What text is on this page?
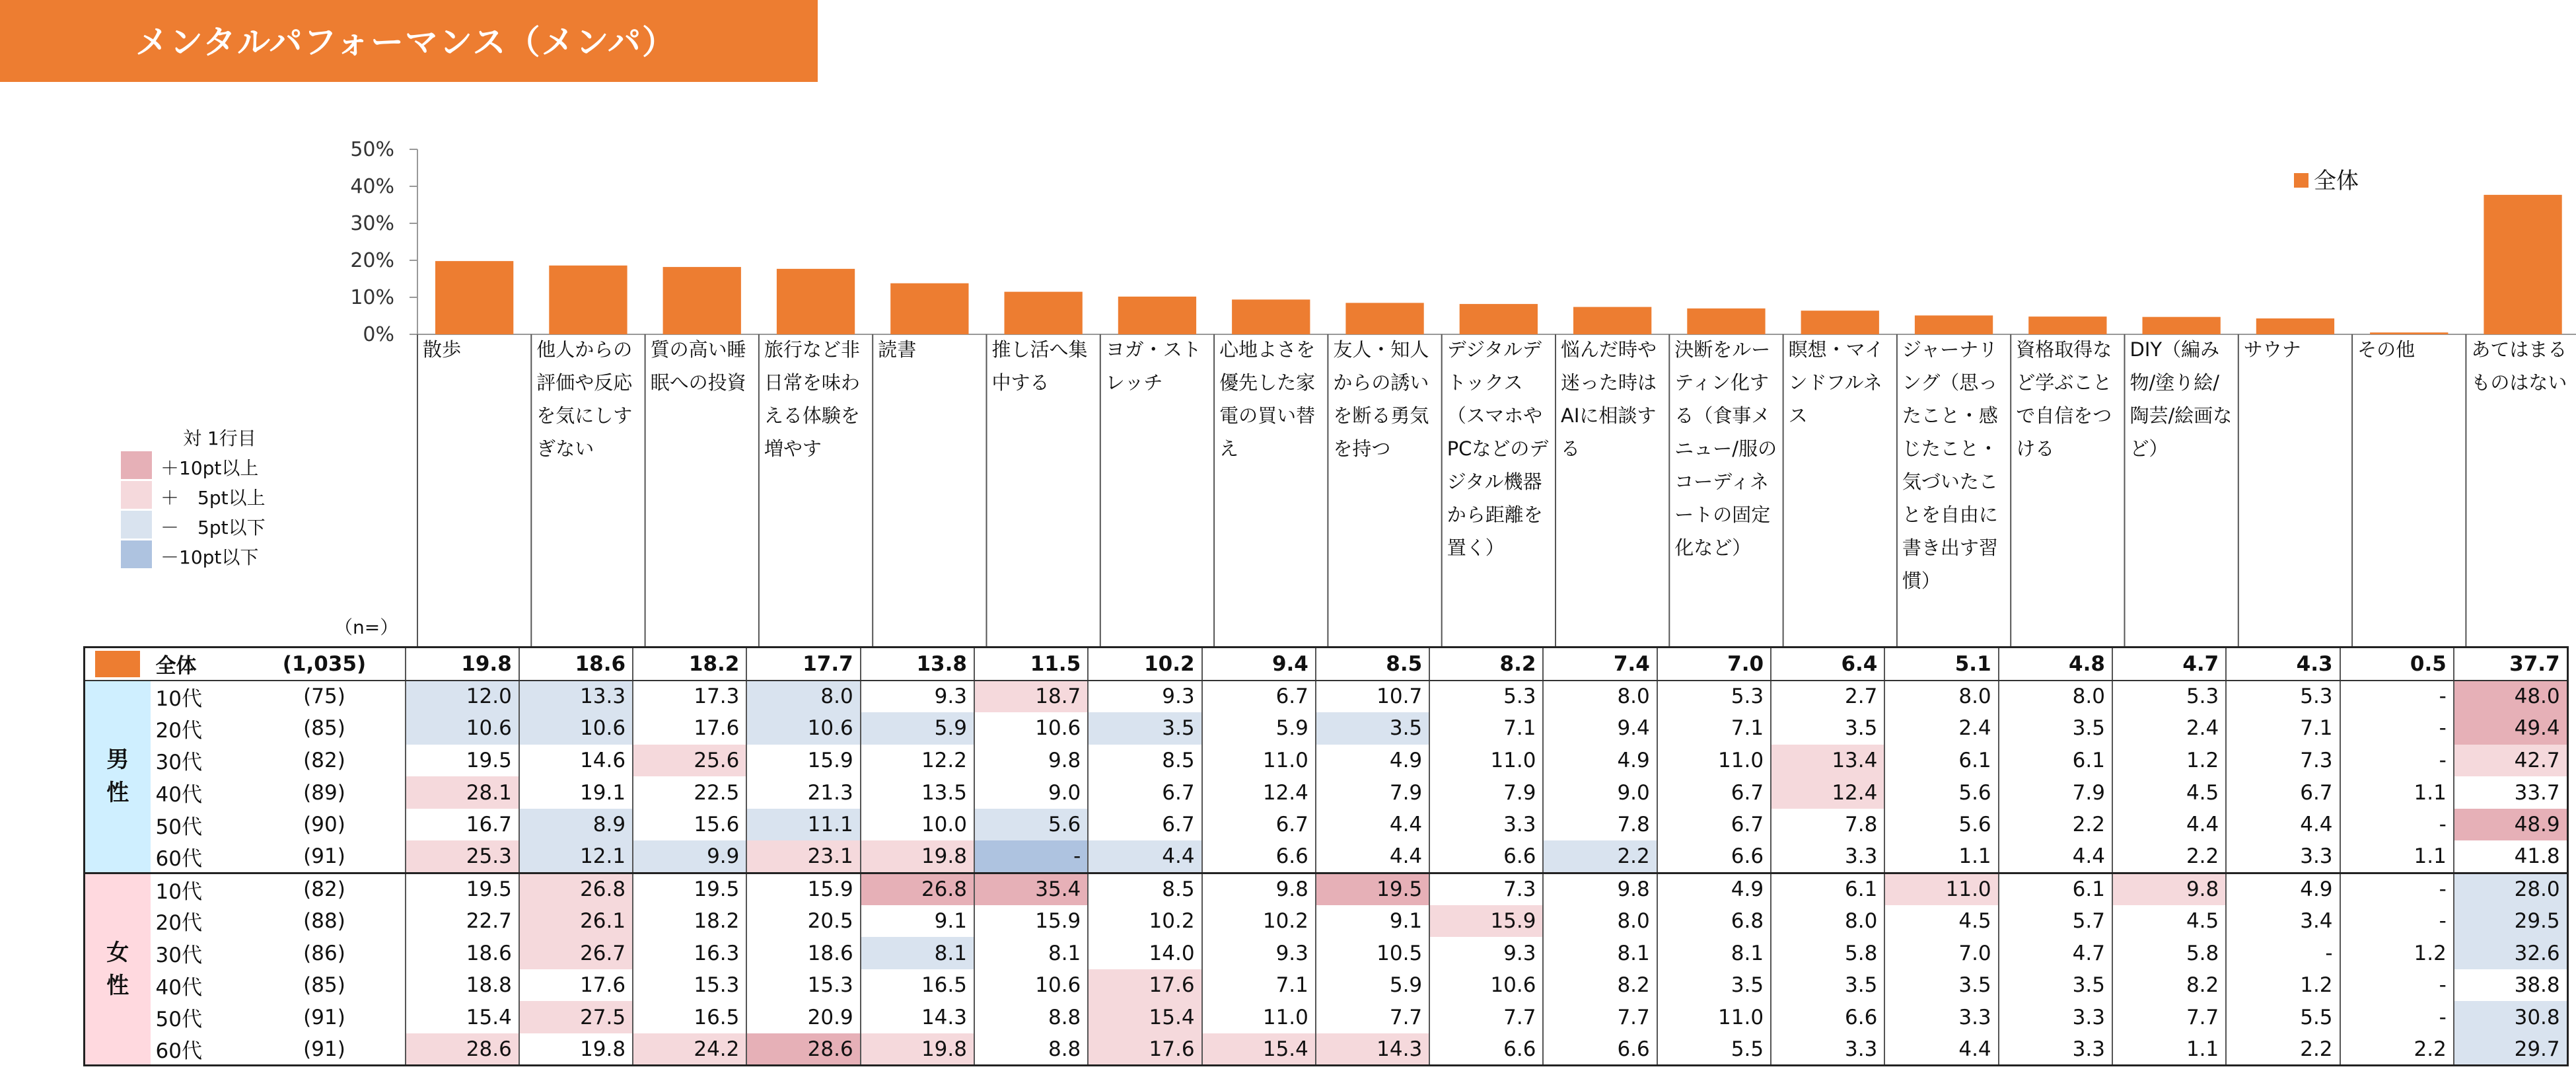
メンタルパフォーマンス（メンパ）
0%
10%
20%
30%
40%
50%
全体
対 1行目
＋10pt以上
＋　5pt以上
－　5pt以下
－10pt以下
（n=）
散歩	他人からの評価や反応を気にしすぎない
質の高い睡眠への投資
旅行など非日常を味わえる体験を増やす
読書	推し活へ集中する
ヨガ・ストレッチ
心地よさを優先した家電の買い替え
友人・知人からの誘いを断る勇気を持つ
デジタルデトックス（スマホやPCなどのデジタル機器から距離を置く）
悩んだ時や迷った時はAIに相談する
決断をルーティン化する（食事メニュー/服のコーディネートの固定化など）
瞑想・マインドフルネス
ジャーナリング（思ったこと・感じたこと・気づいたことを自由に書き出す習慣）
資格取得など学ぶことで自信をつける
DIY（編み物/塗り絵/陶芸/絵画など）
サウナ	その他	あてはまるものはない
	全体	(1,035)	19.8	18.6	18.2	17.7	13.8	11.5	10.2	9.4	8.5	8.2	7.4	7.0	6.4	5.1	4.8	4.7	4.3	0.5	37.7

男
性	10代	(75)	12.0	13.3	17.3	8.0	9.3	18.7	9.3	6.7	10.7	5.3	8.0	5.3	2.7	8.0	8.0	5.3	5.3	-	48.0
	20代	(85)	10.6	10.6	17.6	10.6	5.9	10.6	3.5	5.9	3.5	7.1	9.4	7.1	3.5	2.4	3.5	2.4	7.1	-	49.4
	30代	(82)	19.5	14.6	25.6	15.9	12.2	9.8	8.5	11.0	4.9	11.0	4.9	11.0	13.4	6.1	6.1	1.2	7.3	-	42.7
	40代	(89)	28.1	19.1	22.5	21.3	13.5	9.0	6.7	12.4	7.9	7.9	9.0	6.7	12.4	5.6	7.9	4.5	6.7	1.1	33.7
	50代	(90)	16.7	8.9	15.6	11.1	10.0	5.6	6.7	6.7	4.4	3.3	7.8	6.7	7.8	5.6	2.2	4.4	4.4	-	48.9
	60代	(91)	25.3	12.1	9.9	23.1	19.8	-	4.4	6.6	4.4	6.6	2.2	6.6	3.3	1.1	4.4	2.2	3.3	1.1	41.8

女
性	10代	(82)	19.5	26.8	19.5	15.9	26.8	35.4	8.5	9.8	19.5	7.3	9.8	4.9	6.1	11.0	6.1	9.8	4.9	-	28.0
	20代	(88)	22.7	26.1	18.2	20.5	9.1	15.9	10.2	10.2	9.1	15.9	8.0	6.8	8.0	4.5	5.7	4.5	3.4	-	29.5
	30代	(86)	18.6	26.7	16.3	18.6	8.1	8.1	14.0	9.3	10.5	9.3	8.1	8.1	5.8	7.0	4.7	5.8	-	1.2	32.6
	40代	(85)	18.8	17.6	15.3	15.3	16.5	10.6	17.6	7.1	5.9	10.6	8.2	3.5	3.5	3.5	3.5	8.2	1.2	-	38.8
	50代	(91)	15.4	27.5	16.5	20.9	14.3	8.8	15.4	11.0	7.7	7.7	7.7	11.0	6.6	3.3	3.3	7.7	5.5	-	30.8
	60代	(91)	28.6	19.8	24.2	28.6	19.8	8.8	17.6	15.4	14.3	6.6	6.6	5.5	3.3	4.4	3.3	1.1	2.2	2.2	29.7
